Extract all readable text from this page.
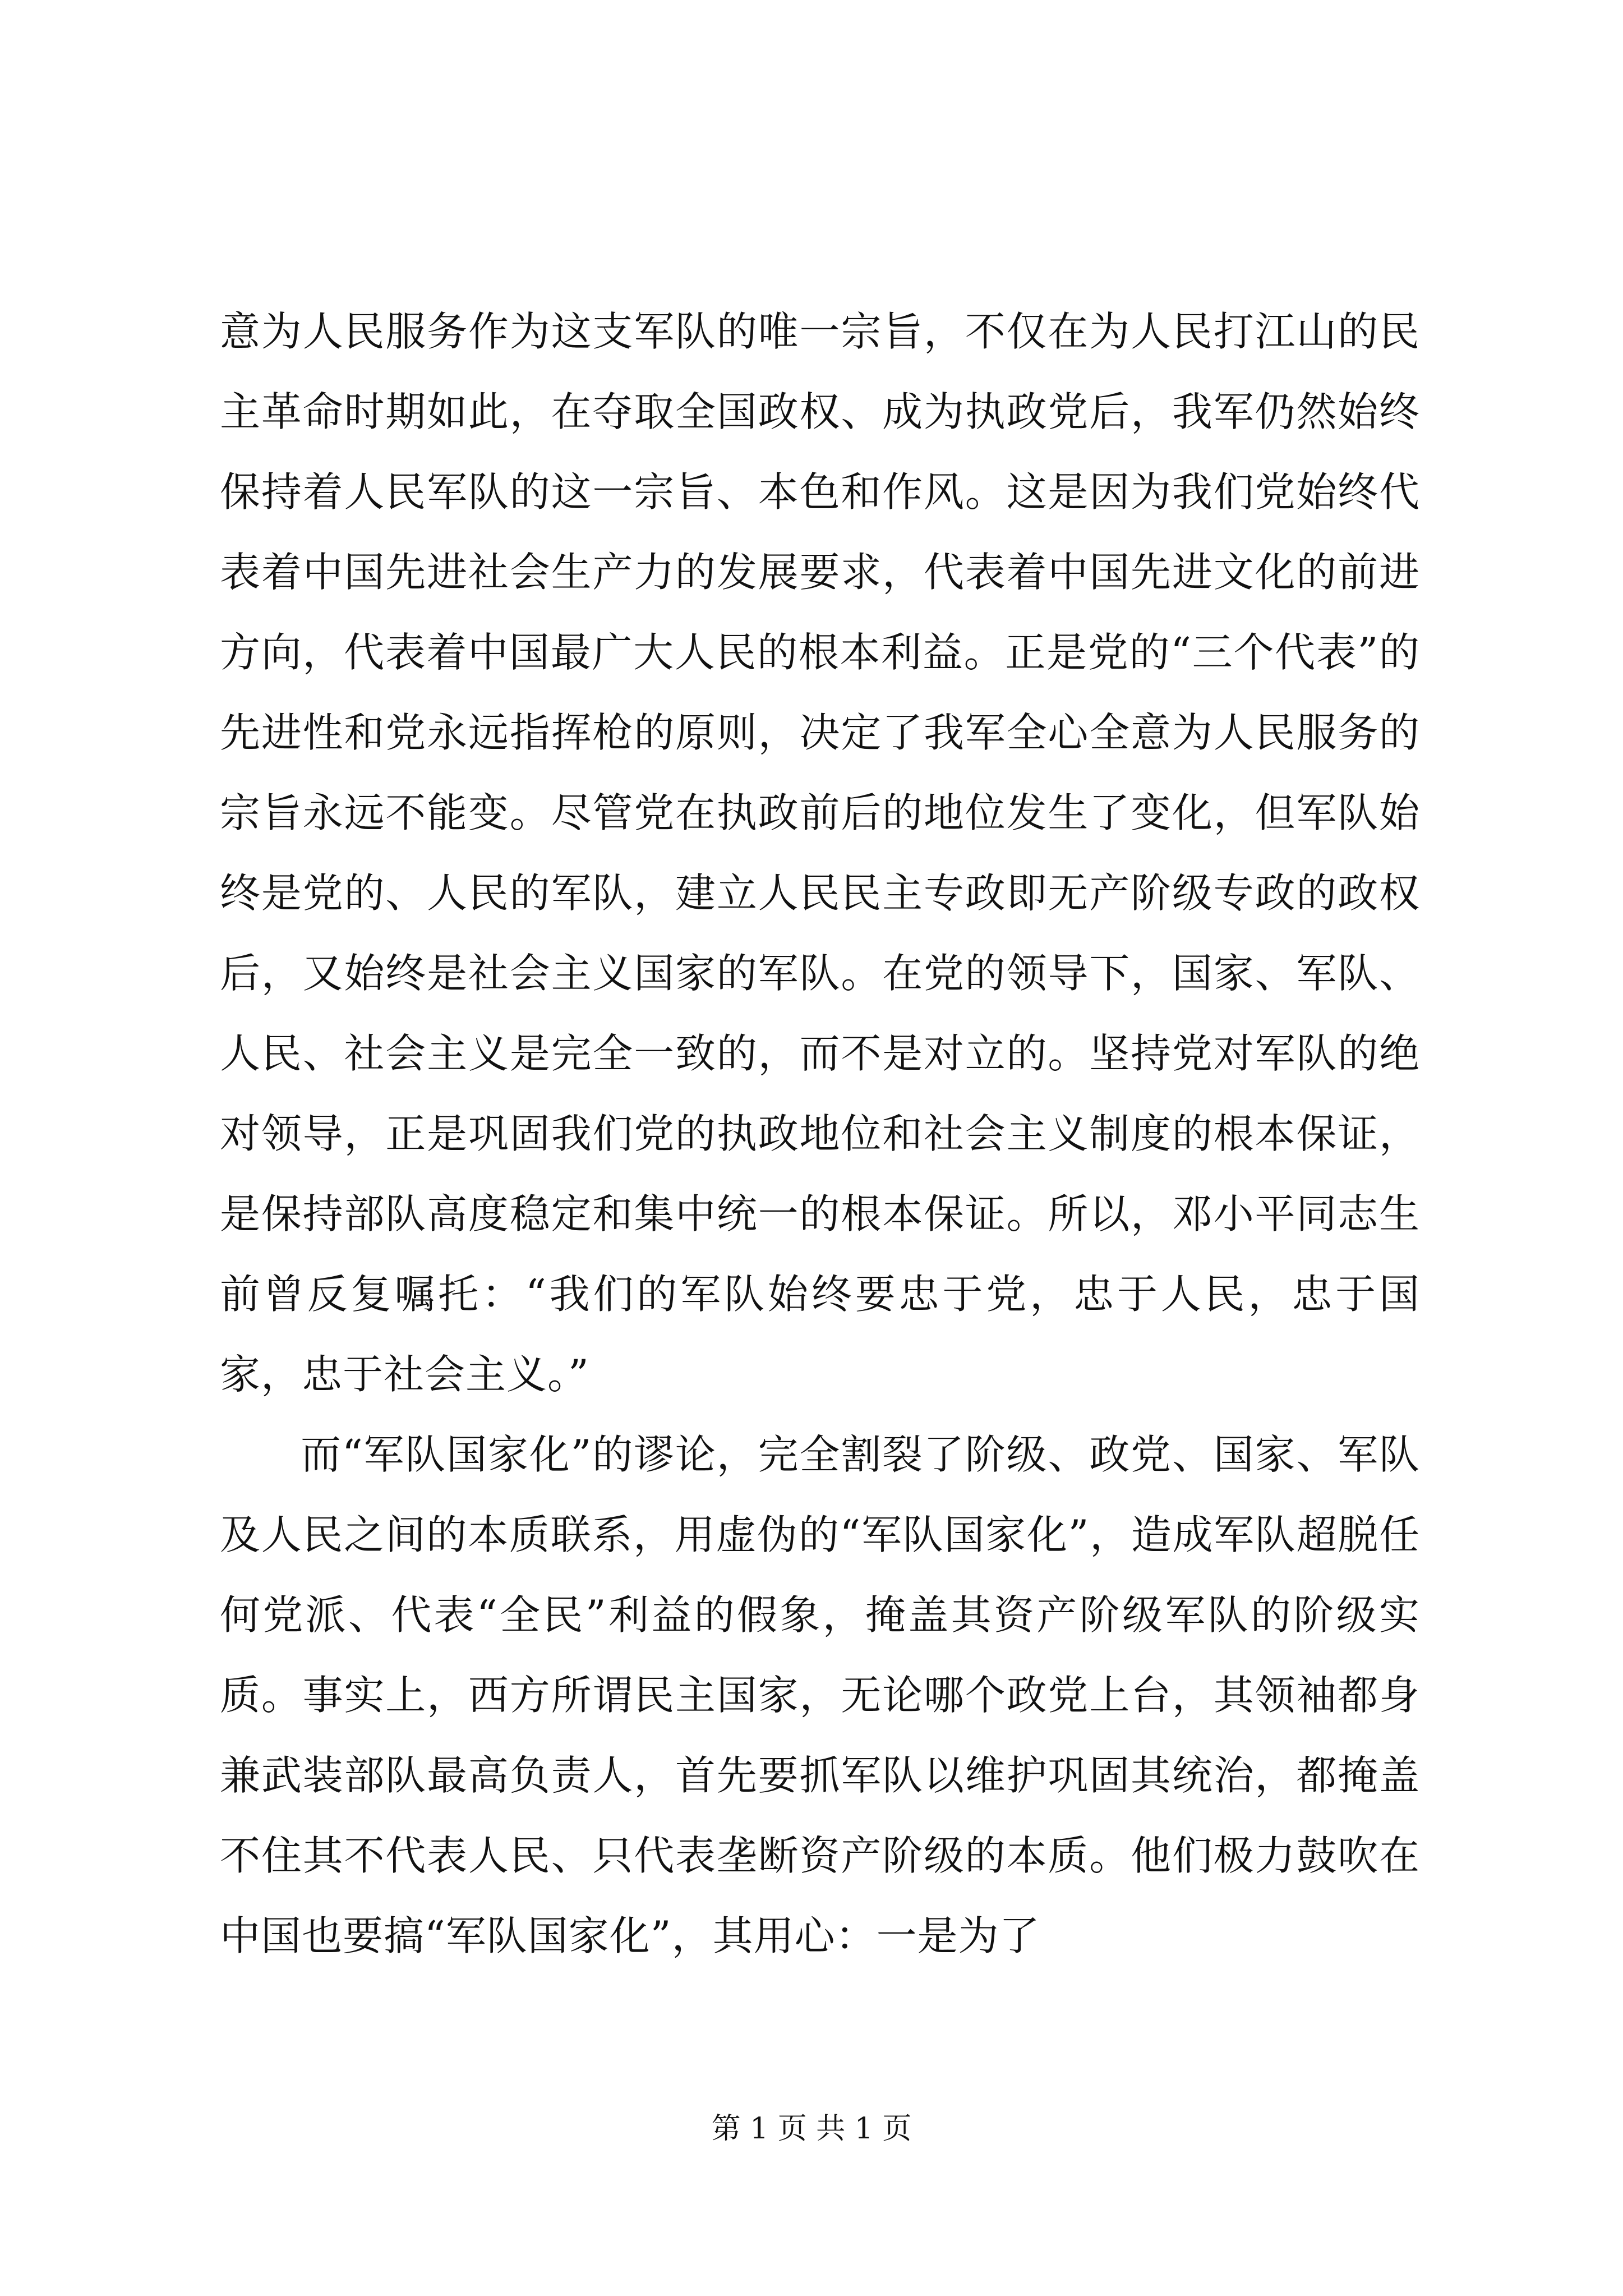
意为人民服务作为这支军队的唯一宗旨，不仅在为人民打江山的民主革命时期如此，在夺取全国政权、成为执政党后，我军仍然始终保持着人民军队的这一宗旨、本色和作风。这是因为我们党始终代表着中国先进社会生产力的发展要求，代表着中国先进文化的前进方向，代表着中国最广大人民的根本利益。正是党的“三个代表”的先进性和党永远指挥枪的原则，决定了我军全心全意为人民服务的宗旨永远不能变。尽管党在执政前后的地位发生了变化，但军队始终是党的、人民的军队，建立人民民主专政即无产阶级专政的政权后，又始终是社会主义国家的军队。在党的领导下，国家、军队、人民、社会主义是完全一致的，而不是对立的。坚持党对军队的绝对领导，正是巩固我们党的执政地位和社会主义制度的根本保证，是保持部队高度稳定和集中统一的根本保证。所以，邓小平同志生前曾反复嘱托：“我们的军队始终要忠于党，忠于人民，忠于国家，忠于社会主义。”

而“军队国家化”的谬论，完全割裂了阶级、政党、国家、军队及人民之间的本质联系，用虚伪的“军队国家化”，造成军队超脱任何党派、代表“全民”利益的假象，掩盖其资产阶级军队的阶级实质。事实上，西方所谓民主国家，无论哪个政党上台，其领袖都身兼武装部队最高负责人，首先要抓军队以维护巩固其统治，都掩盖不住其不代表人民、只代表垄断资产阶级的本质。他们极力鼓吹在中国也要搞“军队国家化”，其用心：一是为了

第 1 页 共 1 页
